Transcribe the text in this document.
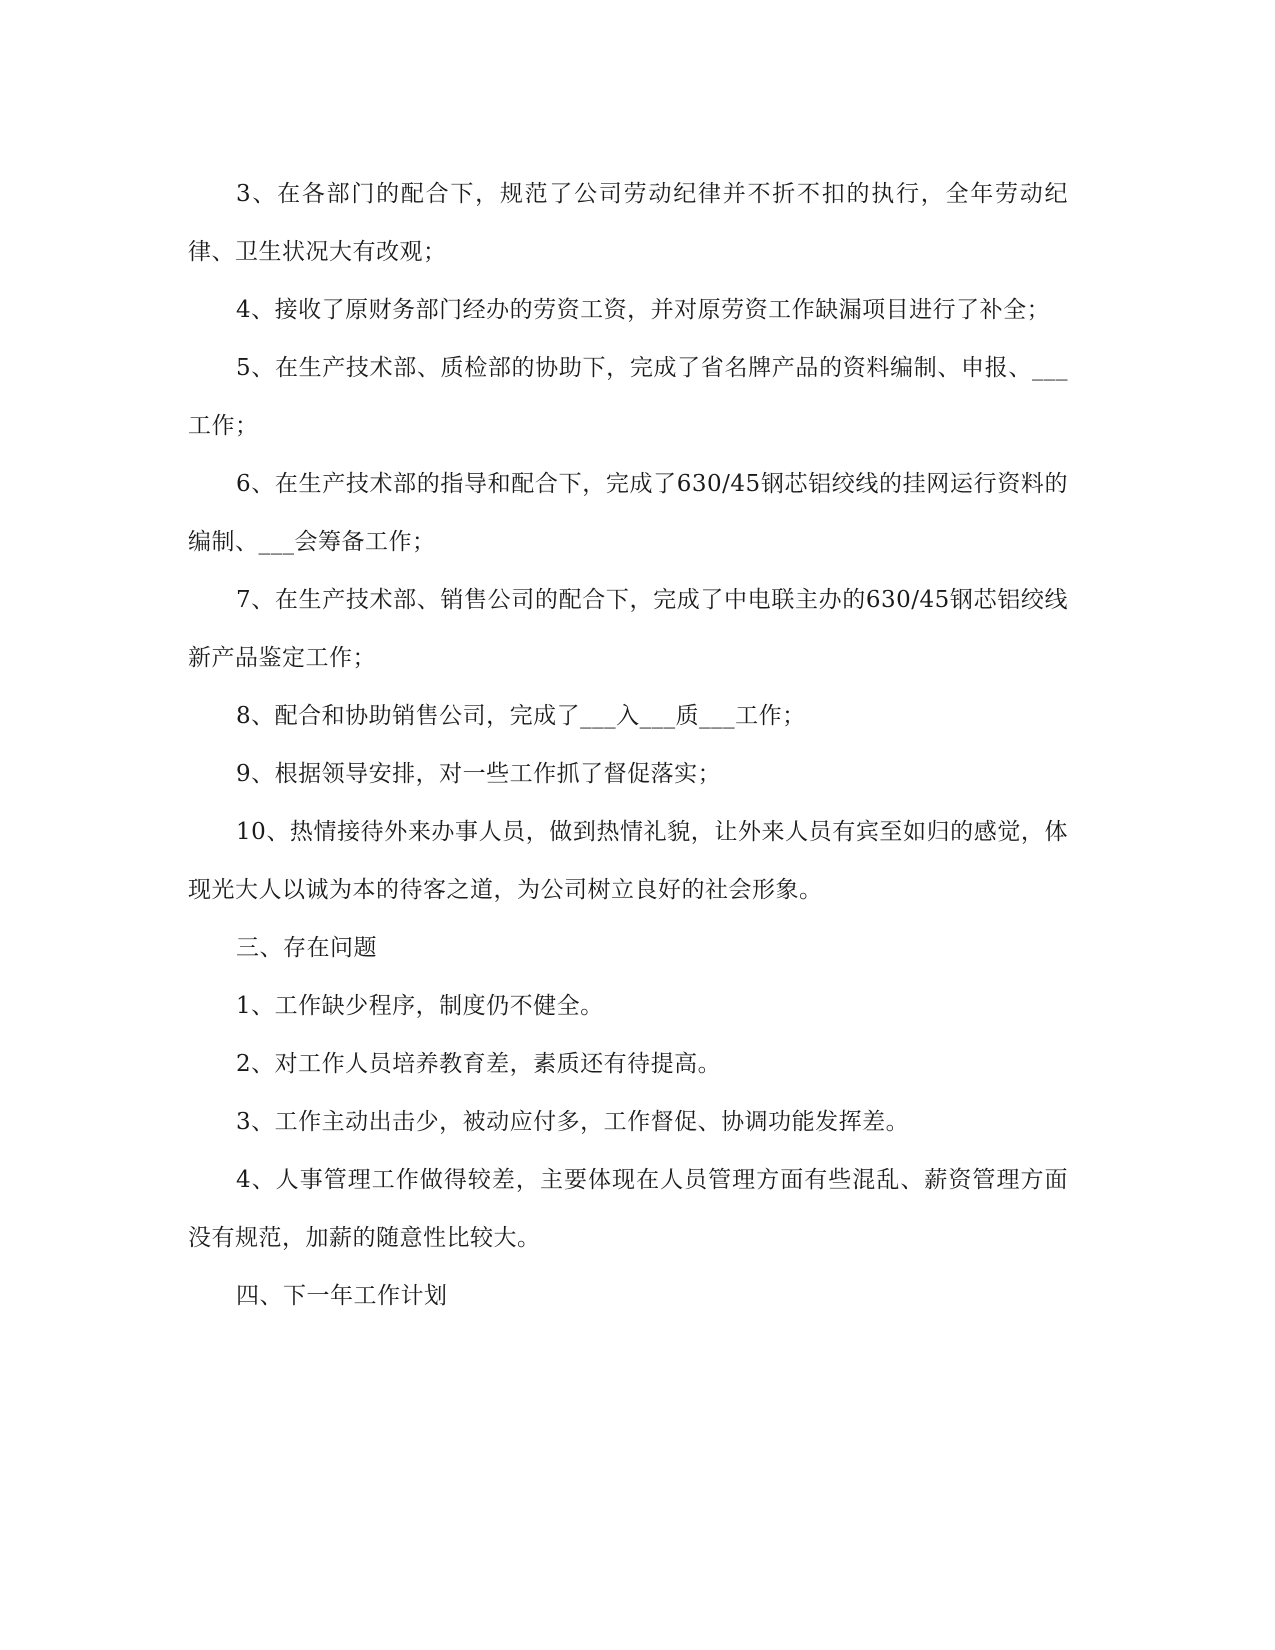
3、在各部门的配合下，规范了公司劳动纪律并不折不扣的执行，全年劳动纪律、卫生状况大有改观；

4、接收了原财务部门经办的劳资工资，并对原劳资工作缺漏项目进行了补全；

5、在生产技术部、质检部的协助下，完成了省名牌产品的资料编制、申报、___工作；

6、在生产技术部的指导和配合下，完成了630/45钢芯铝绞线的挂网运行资料的编制、___会筹备工作；

7、在生产技术部、销售公司的配合下，完成了中电联主办的630/45钢芯铝绞线新产品鉴定工作；

8、配合和协助销售公司，完成了___入___质___工作；

9、根据领导安排，对一些工作抓了督促落实；

10、热情接待外来办事人员，做到热情礼貌，让外来人员有宾至如归的感觉，体现光大人以诚为本的待客之道，为公司树立良好的社会形象。

三、存在问题

1、工作缺少程序，制度仍不健全。

2、对工作人员培养教育差，素质还有待提高。

3、工作主动出击少，被动应付多，工作督促、协调功能发挥差。

4、人事管理工作做得较差，主要体现在人员管理方面有些混乱、薪资管理方面没有规范，加薪的随意性比较大。

四、下一年工作计划
